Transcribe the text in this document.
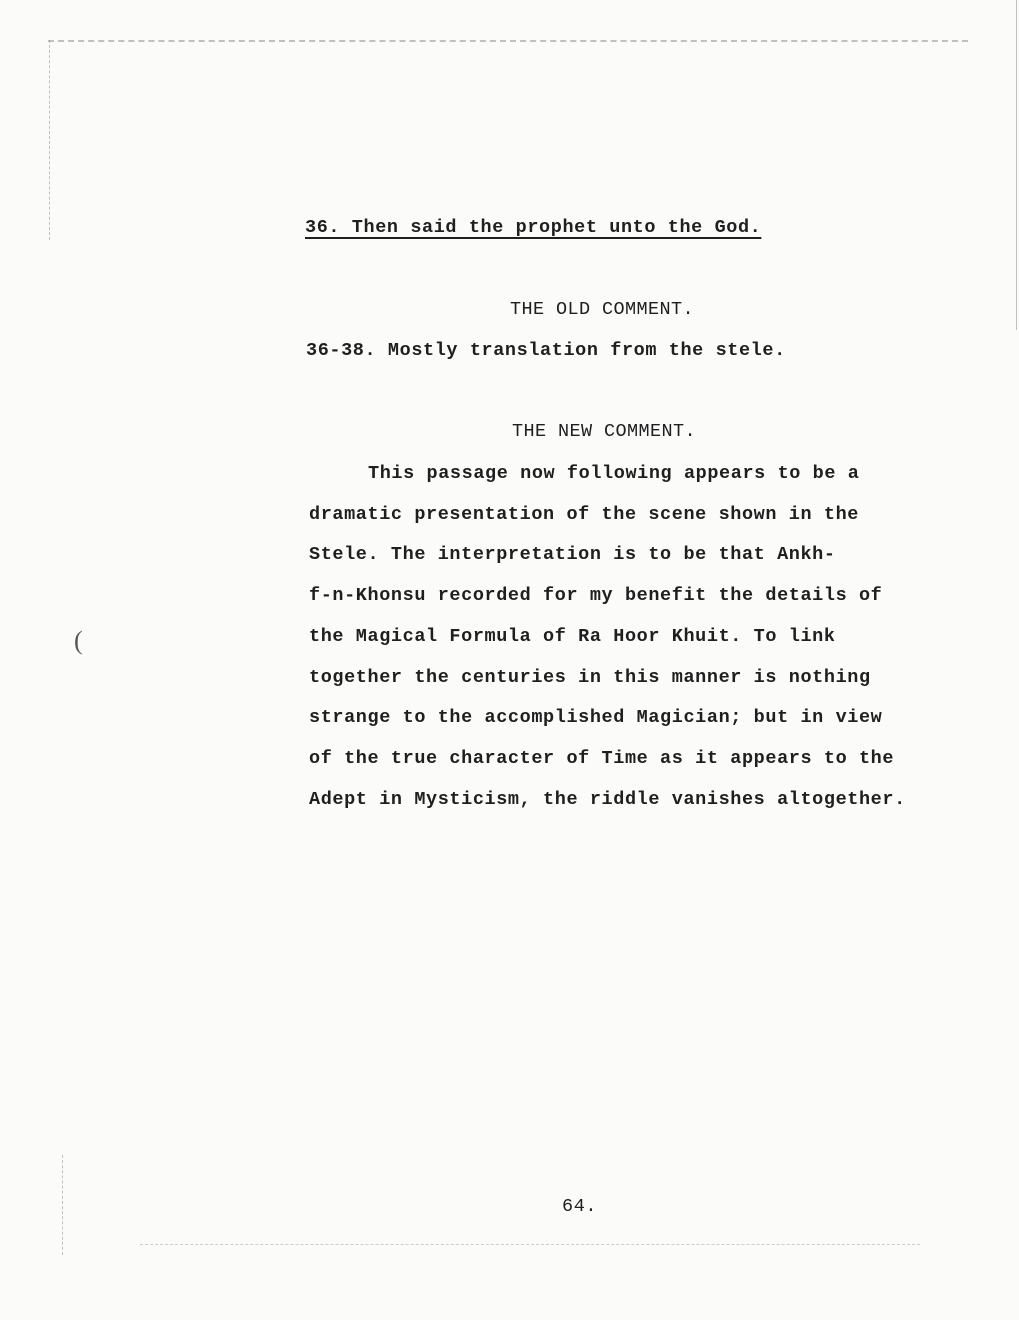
(
36. Then said the prophet unto the God.
THE OLD COMMENT.
36-38. Mostly translation from the stele.
THE NEW COMMENT.
This passage now following appears to be a
dramatic presentation of the scene shown in the
Stele. The interpretation is to be that Ankh-
f-n-Khonsu recorded for my benefit the details of
the Magical Formula of Ra Hoor Khuit. To link
together the centuries in this manner is nothing
strange to the accomplished Magician; but in view
of the true character of Time as it appears to the
Adept in Mysticism, the riddle vanishes altogether.
64.
